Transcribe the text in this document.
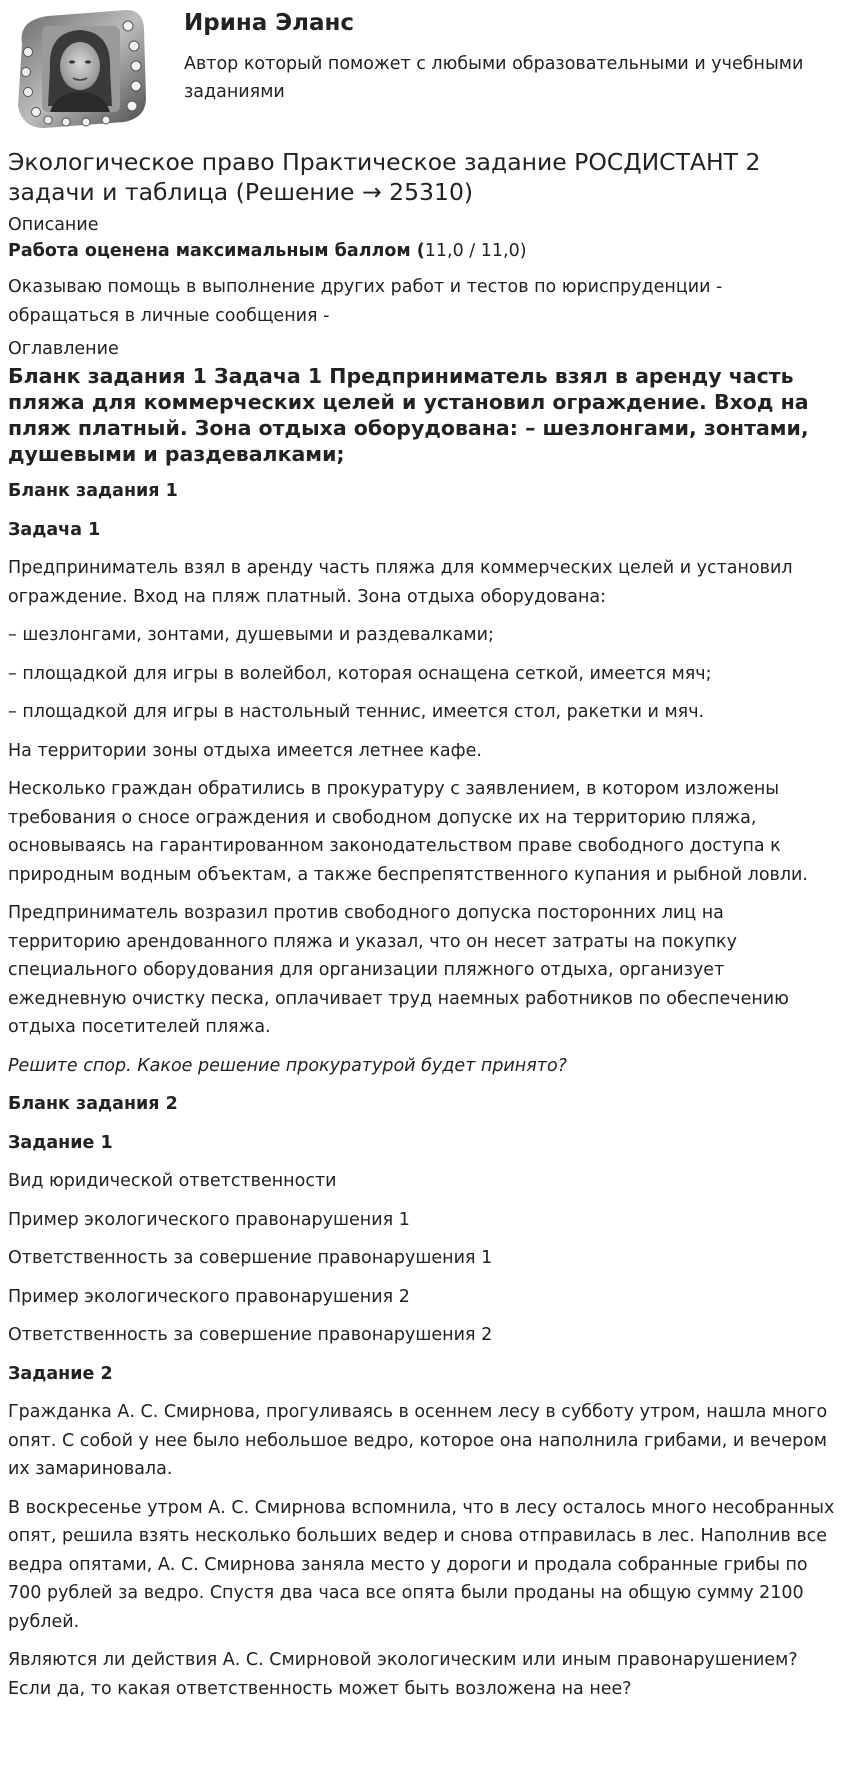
Ирина Эланс
Автор который поможет с любыми образовательными и учебными заданиями
Экологическое право Практическое задание РОСДИСТАНТ 2 задачи и таблица (Решение → 25310)
Описание
Работа оценена максимальным баллом (11,0 / 11,0)

Оказываю помощь в выполнение других работ и тестов по юриспруденции - обращаться в личные сообщения -

Оглавление
Бланк задания 1 Задача 1 Предприниматель взял в аренду часть пляжа для коммерческих целей и установил ограждение. Вход на пляж платный. Зона отдыха оборудована: – шезлонгами, зонтами, душевыми и раздевалками;

Бланк задания 1

Задача 1

Предприниматель взял в аренду часть пляжа для коммерческих целей и установил ограждение. Вход на пляж платный. Зона отдыха оборудована:

– шезлонгами, зонтами, душевыми и раздевалками;

– площадкой для игры в волейбол, которая оснащена сеткой, имеется мяч;

– площадкой для игры в настольный теннис, имеется стол, ракетки и мяч.

На территории зоны отдыха имеется летнее кафе.

Несколько граждан обратились в прокуратуру с заявлением, в котором изложены требования о сносе ограждения и свободном допуске их на территорию пляжа, основываясь на гарантированном законодательством праве свободного доступа к природным водным объектам, а также беспрепятственного купания и рыбной ловли.

Предприниматель возразил против свободного допуска посторонних лиц на территорию арендованного пляжа и указал, что он несет затраты на покупку специального оборудования для организации пляжного отдыха, организует ежедневную очистку песка, оплачивает труд наемных работников по обеспечению отдыха посетителей пляжа.

Решите спор. Какое решение прокуратурой будет принято?

Бланк задания 2

Задание 1

Вид юридической ответственности

Пример экологического правонарушения 1

Ответственность за совершение правонарушения 1

Пример экологического правонарушения 2

Ответственность за совершение правонарушения 2

Задание 2

Гражданка А. С. Смирнова, прогуливаясь в осеннем лесу в субботу утром, нашла много опят. С собой у нее было небольшое ведро, которое она наполнила грибами, и вечером их замариновала.

В воскресенье утром А. С. Смирнова вспомнила, что в лесу осталось много несобранных опят, решила взять несколько больших ведер и снова отправилась в лес. Наполнив все ведра опятами, А. С. Смирнова заняла место у дороги и продала собранные грибы по 700 рублей за ведро. Спустя два часа все опята были проданы на общую сумму 2100 рублей.

Являются ли действия А. С. Смирновой экологическим или иным правонарушением? Если да, то какая ответственность может быть возложена на нее?
